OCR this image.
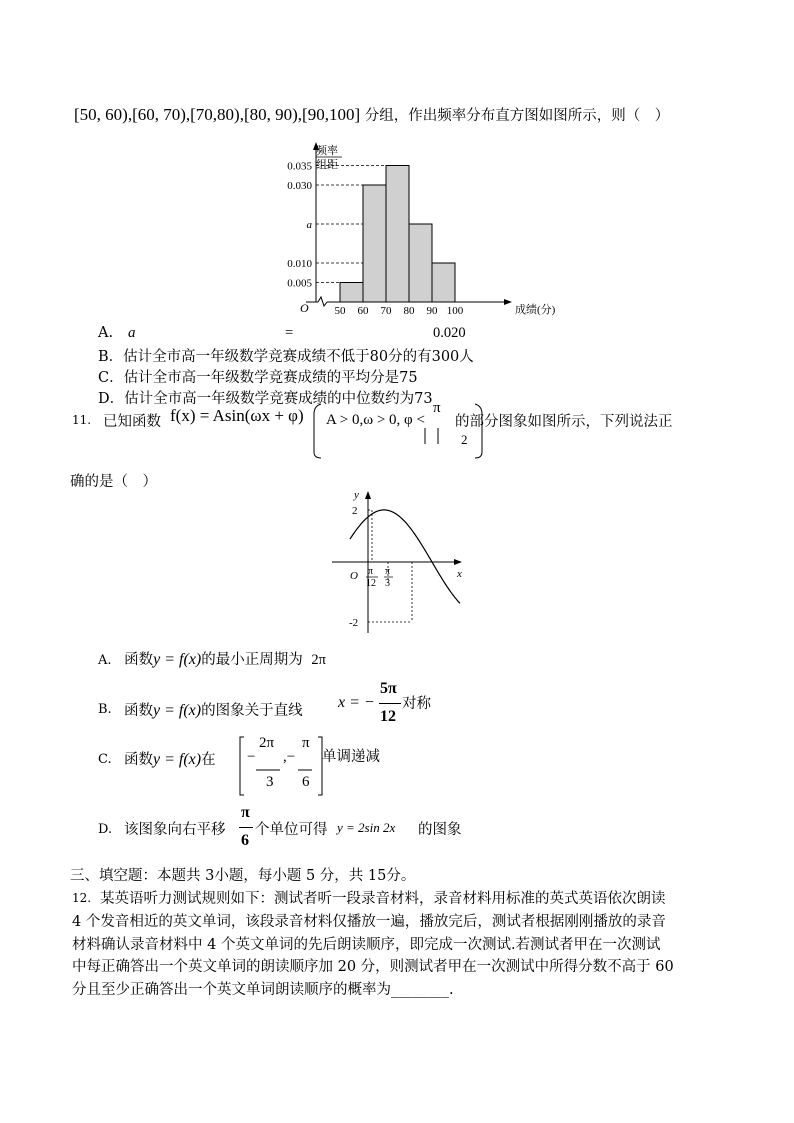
[50, 60),[60, 70),[70,80),[80, 90),[90,100] 分组，作出频率分布直方图如图所示，则（　）
O	成绩(分)
频率
组距
0.035
0.030
a
0.010
0.005
50 60 70 80 90 100
A. a	=	0.020
B．估计全市高一年级数学竞赛成绩不低于80分的有300人
C．估计全市高一年级数学竞赛成绩的平均分是75
D．估计全市高一年级数学竞赛成绩的中位数约为73
11. 已知函数 f(x) = Asin(ωx + φ) A > 0,ω > 0, φ <
π
2
的部分图象如图所示，下列说法正
确的是（　）
y
x
O
2
-2
π
12
π
3
A. 函数y = f(x)的最小正周期为 2π
B. 函数y = f(x)的图象关于直线 x = −
5π
12
对称
C. 函数y = f(x)在 −
2π
3
,−
π
6
单调递减
D. 该图象向右平移
π
6
个单位可得 y = 2sin 2x 的图象
三、填空题：本题共 3小题，每小题 5 分，共 15分。
12. 某英语听力测试规则如下：测试者听一段录音材料，录音材料用标准的英式英语依次朗读
4 个发音相近的英文单词，该段录音材料仅播放一遍，播放完后，测试者根据刚刚播放的录音
材料确认录音材料中 4 个英文单词的先后朗读顺序，即完成一次测试.若测试者甲在一次测试
中每正确答出一个英文单词的朗读顺序加 20 分，则测试者甲在一次测试中所得分数不高于 60
分且至少正确答出一个英文单词朗读顺序的概率为________.
